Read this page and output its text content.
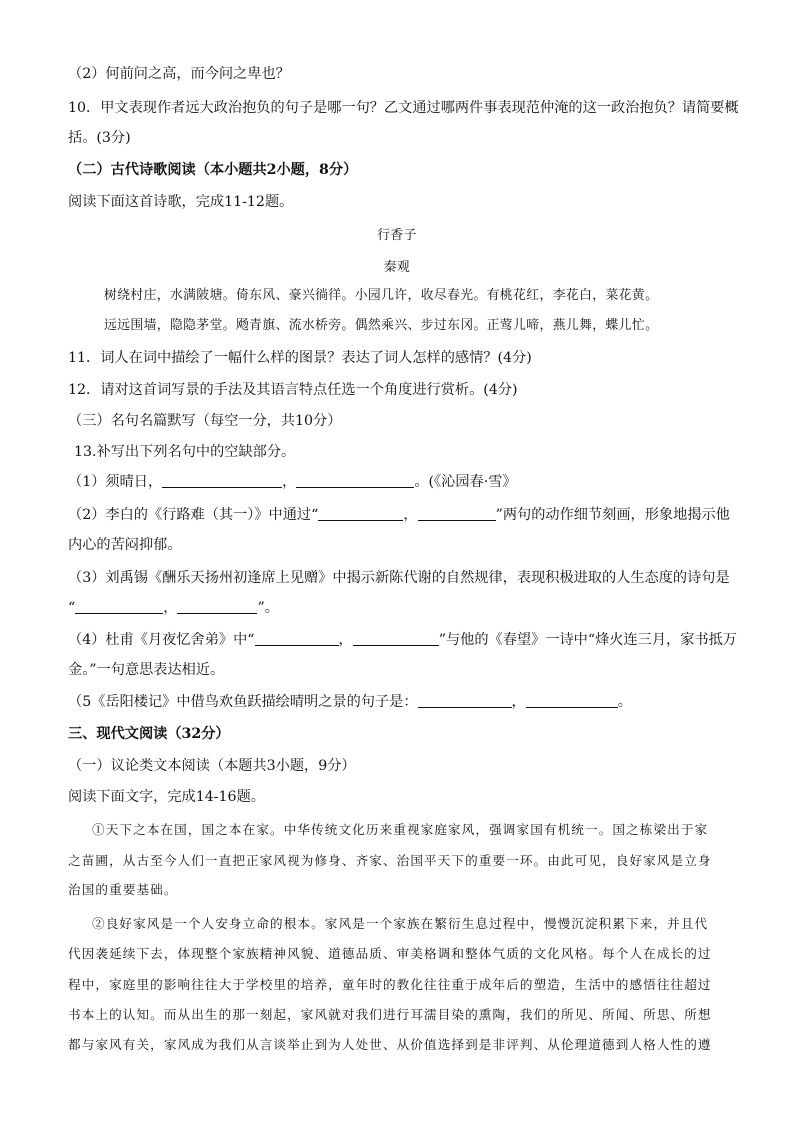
（2）何前问之高，而今问之卑也？
10．甲文表现作者远大政治抱负的句子是哪一句？乙文通过哪两件事表现范仲淹的这一政治抱负？请简要概
括。(3分)
（二）古代诗歌阅读（本小题共2小题，8分）
阅读下面这首诗歌，完成11-12题。
行香子
秦观
树绕村庄，水满陂塘。倚东风、豪兴徜徉。小园几许，收尽春光。有桃花红，李花白，菜花黄。
远远围墙，隐隐茅堂。飏青旗、流水桥旁。偶然乘兴、步过东冈。正莺儿啼，燕儿舞，蝶儿忙。
11．词人在词中描绘了一幅什么样的图景？表达了词人怎样的感情？(4分)
12．请对这首词写景的手法及其语言特点任选一个角度进行赏析。(4分)
（三）名句名篇默写（每空一分，共10分）
13.补写出下列名句中的空缺部分。
（1）须晴日，	，	。(《沁园春·雪》
（2）李白的《行路难（其一）》中通过“	，	”两句的动作细节刻画，形象地揭示他
内心的苦闷抑郁。
（3）刘禹锡《酬乐天扬州初逢席上见赠》中揭示新陈代谢的自然规律，表现积极进取的人生态度的诗句是
“	，	”。
（4）杜甫《月夜忆舍弟》中“	，	”与他的《春望》一诗中“烽火连三月，家书抵万
金。”一句意思表达相近。
（5《岳阳楼记》中借鸟欢鱼跃描绘晴明之景的句子是：	，	。
三、现代文阅读（32分）
（一）议论类文本阅读（本题共3小题，9分）
阅读下面文字，完成14-16题。
①天下之本在国，国之本在家。中华传统文化历来重视家庭家风，强调家国有机统一。国之栋梁出于家
之苗圃，从古至今人们一直把正家风视为修身、齐家、治国平天下的重要一环。由此可见，良好家风是立身
治国的重要基础。
②良好家风是一个人安身立命的根本。家风是一个家族在繁衍生息过程中，慢慢沉淀积累下来，并且代
代因袭延续下去，体现整个家族精神风貌、道德品质、审美格调和整体气质的文化风格。每个人在成长的过
程中，家庭里的影响往往大于学校里的培养，童年时的教化往往重于成年后的塑造，生活中的感悟往往超过
书本上的认知。而从出生的那一刻起，家风就对我们进行耳濡目染的熏陶，我们的所见、所闻、所思、所想
都与家风有关，家风成为我们从言谈举止到为人处世、从价值选择到是非评判、从伦理道德到人格人性的遵
